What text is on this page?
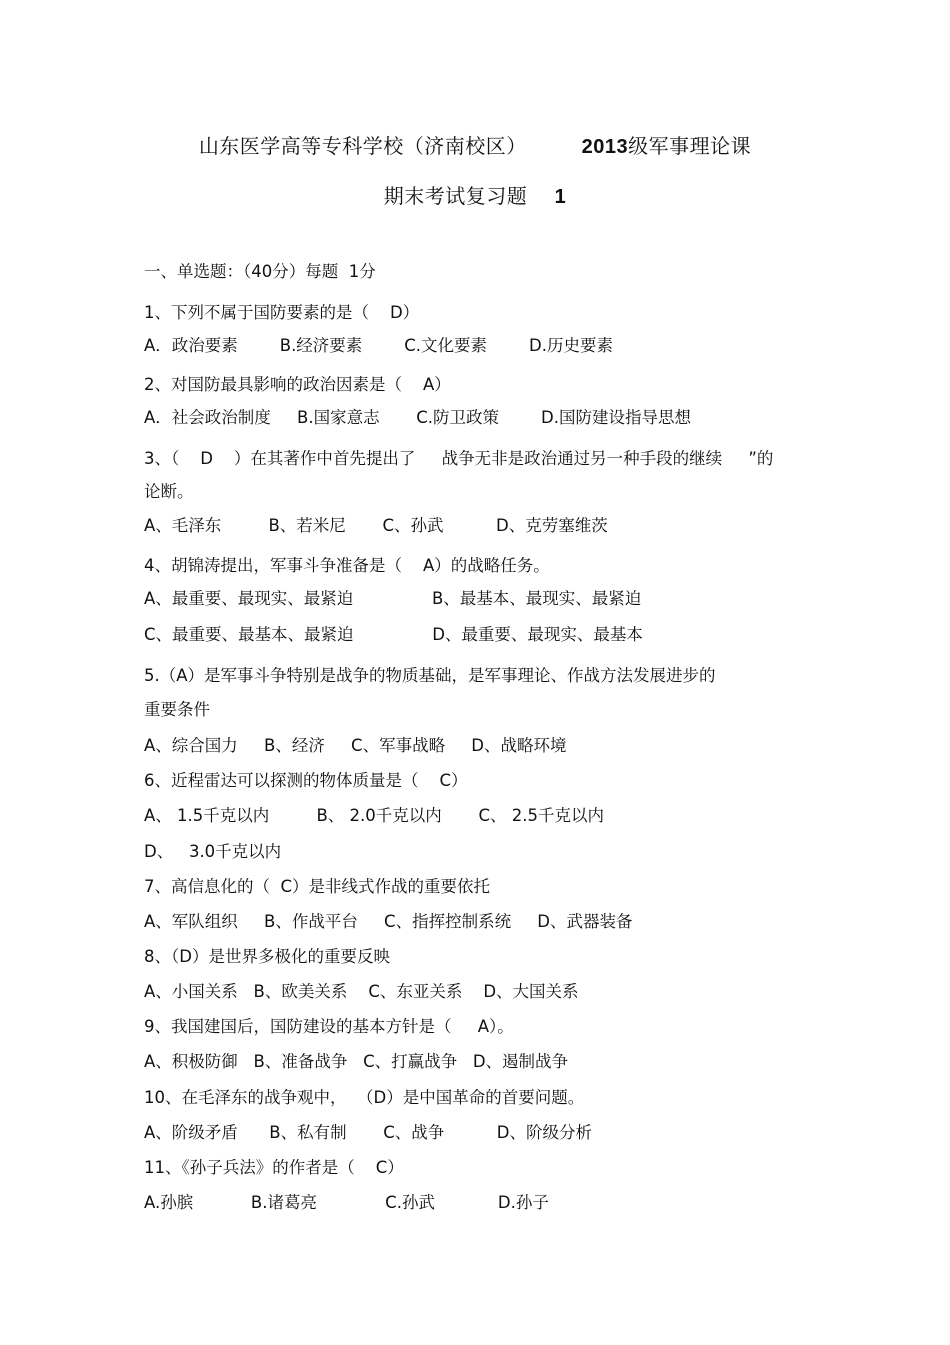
山东医学高等专科学校（济南校区）	2013级军事理论课
期末考试复习题 1
一、单选题：（40分）每题  1分
1、下列不属于国防要素的是（    D）
A．政治要素        B.经济要素        C.文化要素        D.历史要素
2、对国防最具影响的政治因素是（    A）
A．社会政治制度     B.国家意志       C.防卫政策        D.国防建设指导思想
3、（    D    ）在其著作中首先提出了     战争无非是政治通过另一种手段的继续     ”的
论断。
A、毛泽东         B、若米尼       C、孙武          D、克劳塞维茨
4、胡锦涛提出，军事斗争准备是（    A）的战略任务。
A、最重要、最现实、最紧迫               B、最基本、最现实、最紧迫
C、最重要、最基本、最紧迫               D、最重要、最现实、最基本
5.（A）是军事斗争特别是战争的物质基础，是军事理论、作战方法发展进步的
重要条件
A、综合国力     B、经济     C、军事战略     D、战略环境
6、近程雷达可以探测的物体质量是（    C）
A、 1.5千克以内         B、 2.0千克以内       C、 2.5千克以内
D、   3.0千克以内
7、高信息化的（  C）是非线式作战的重要依托
A、军队组织     B、作战平台     C、指挥控制系统     D、武器装备
8、（D）是世界多极化的重要反映
A、小国关系   B、欧美关系    C、东亚关系    D、大国关系
9、我国建国后，国防建设的基本方针是（     A）。
A、积极防御   B、准备战争   C、打赢战争   D、遏制战争
10、在毛泽东的战争观中，  （D）是中国革命的首要问题。
A、阶级矛盾      B、私有制       C、战争          D、阶级分析
11、《孙子兵法》的作者是（    C）
A.孙膑           B.诸葛亮             C.孙武            D.孙子
